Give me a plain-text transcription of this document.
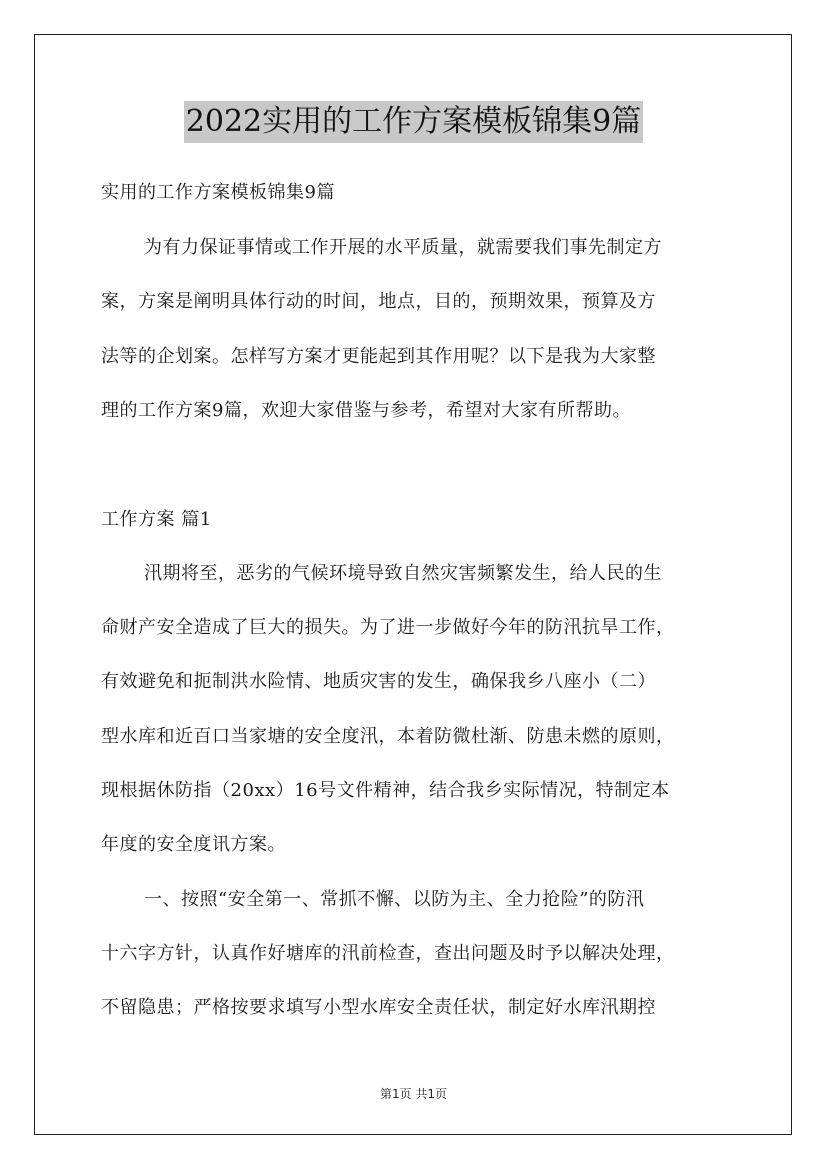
2022实用的工作方案模板锦集9篇
实用的工作方案模板锦集9篇
为有力保证事情或工作开展的水平质量，就需要我们事先制定方
案，方案是阐明具体行动的时间，地点，目的，预期效果，预算及方
法等的企划案。怎样写方案才更能起到其作用呢？以下是我为大家整
理的工作方案9篇，欢迎大家借鉴与参考，希望对大家有所帮助。
工作方案 篇1
汛期将至，恶劣的气候环境导致自然灾害频繁发生，给人民的生
命财产安全造成了巨大的损失。为了进一步做好今年的防汛抗旱工作，
有效避免和扼制洪水险情、地质灾害的发生，确保我乡八座小（二）
型水库和近百口当家塘的安全度汛，本着防微杜渐、防患未燃的原则，
现根据休防指（20xx）16号文件精神，结合我乡实际情况，特制定本
年度的安全度讯方案。
一、按照“安全第一、常抓不懈、以防为主、全力抢险”的防汛
十六字方针，认真作好塘库的汛前检查，查出问题及时予以解决处理，
不留隐患；严格按要求填写小型水库安全责任状，制定好水库汛期控
第1页 共1页
